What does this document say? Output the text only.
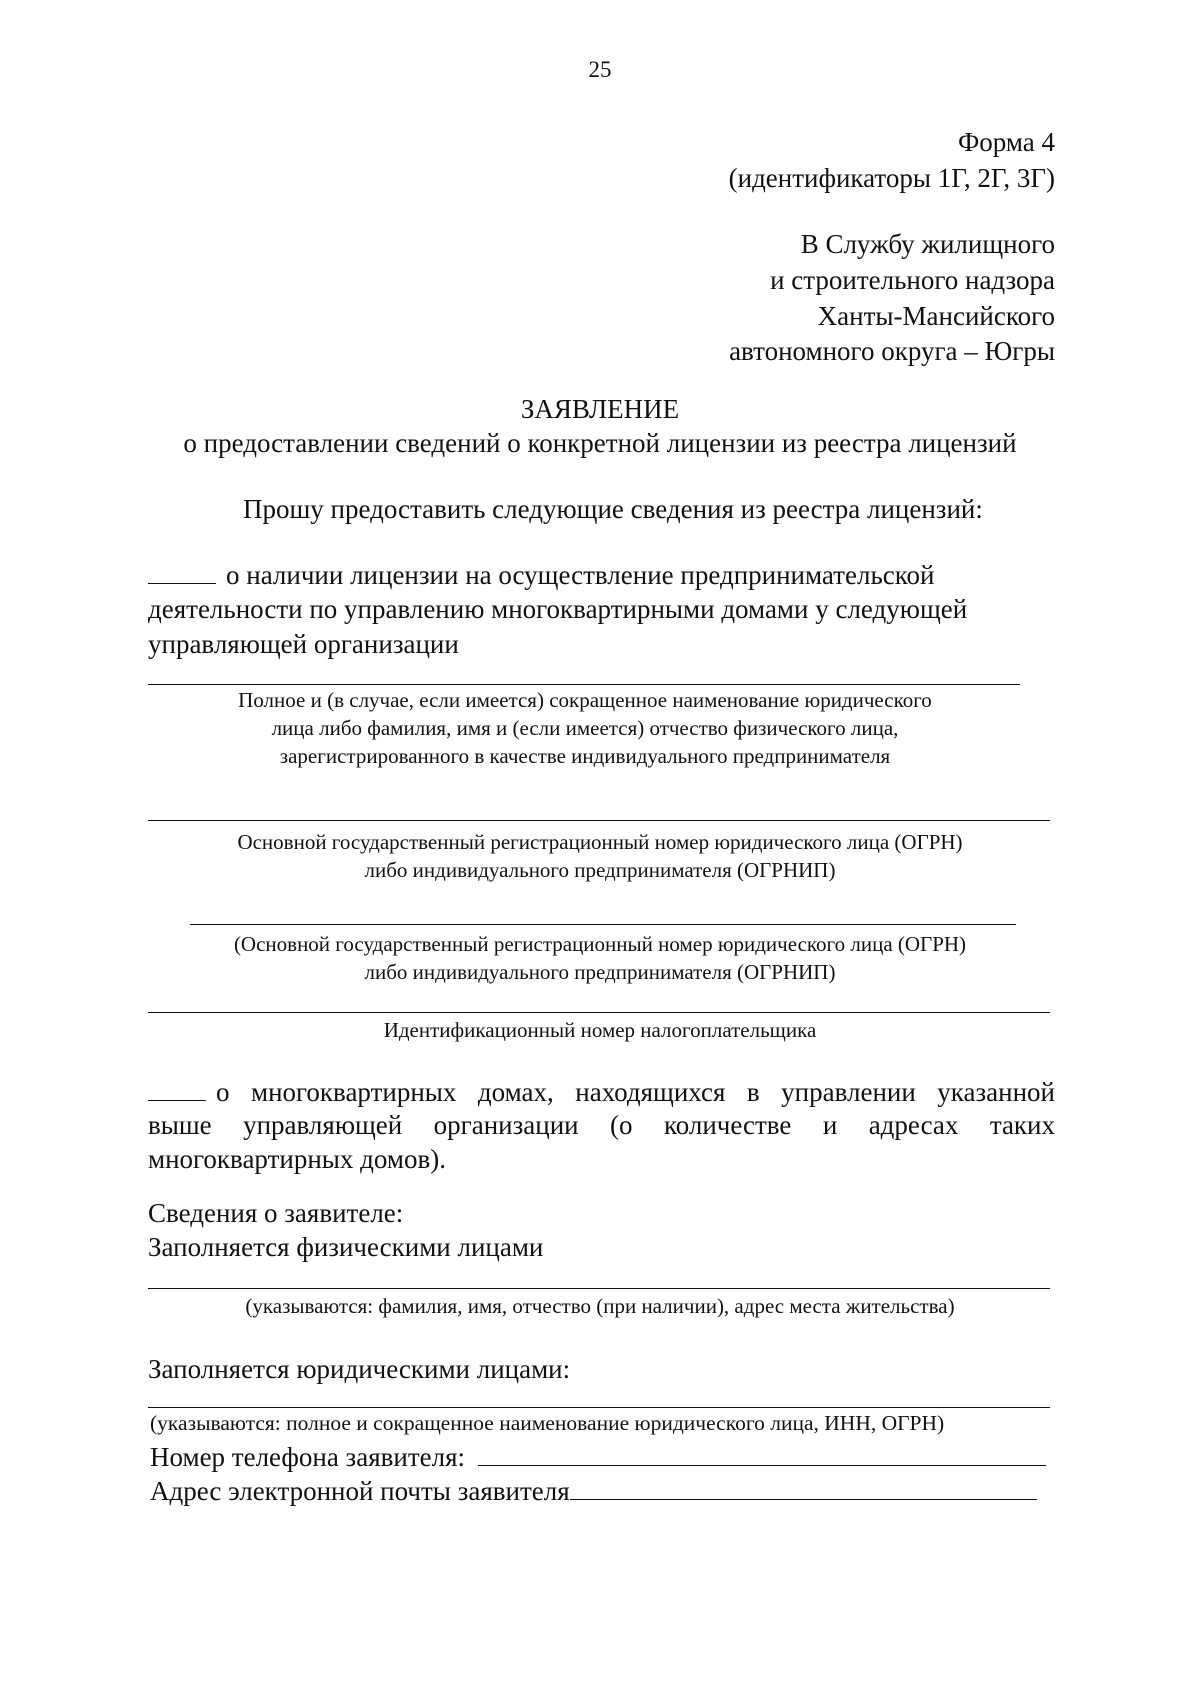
25
Форма 4
(идентификаторы 1Г, 2Г, 3Г)
В Службу жилищного
и строительного надзора
Ханты-Мансийского
автономного округа – Югры
ЗАЯВЛЕНИЕ
о предоставлении сведений о конкретной лицензии из реестра лицензий
Прошу предоставить следующие сведения из реестра лицензий:
о наличии лицензии на осуществление предпринимательской
деятельности по управлению многоквартирными домами у следующей
управляющей организации
Полное и (в случае, если имеется) сокращенное наименование юридического
лица либо фамилия, имя и (если имеется) отчество физического лица,
зарегистрированного в качестве индивидуального предпринимателя
Основной государственный регистрационный номер юридического лица (ОГРН)
либо индивидуального предпринимателя (ОГРНИП)
(Основной государственный регистрационный номер юридического лица (ОГРН)
либо индивидуального предпринимателя (ОГРНИП)
Идентификационный номер налогоплательщика
о многоквартирных домах, находящихся в управлении указанной
выше управляющей организации (о количестве и адресах таких
многоквартирных домов).
Сведения о заявителе:
Заполняется физическими лицами
(указываются: фамилия, имя, отчество (при наличии), адрес места жительства)
Заполняется юридическими лицами:
(указываются: полное и сокращенное наименование юридического лица, ИНН, ОГРН)
Номер телефона заявителя:
Адрес электронной почты заявителя
